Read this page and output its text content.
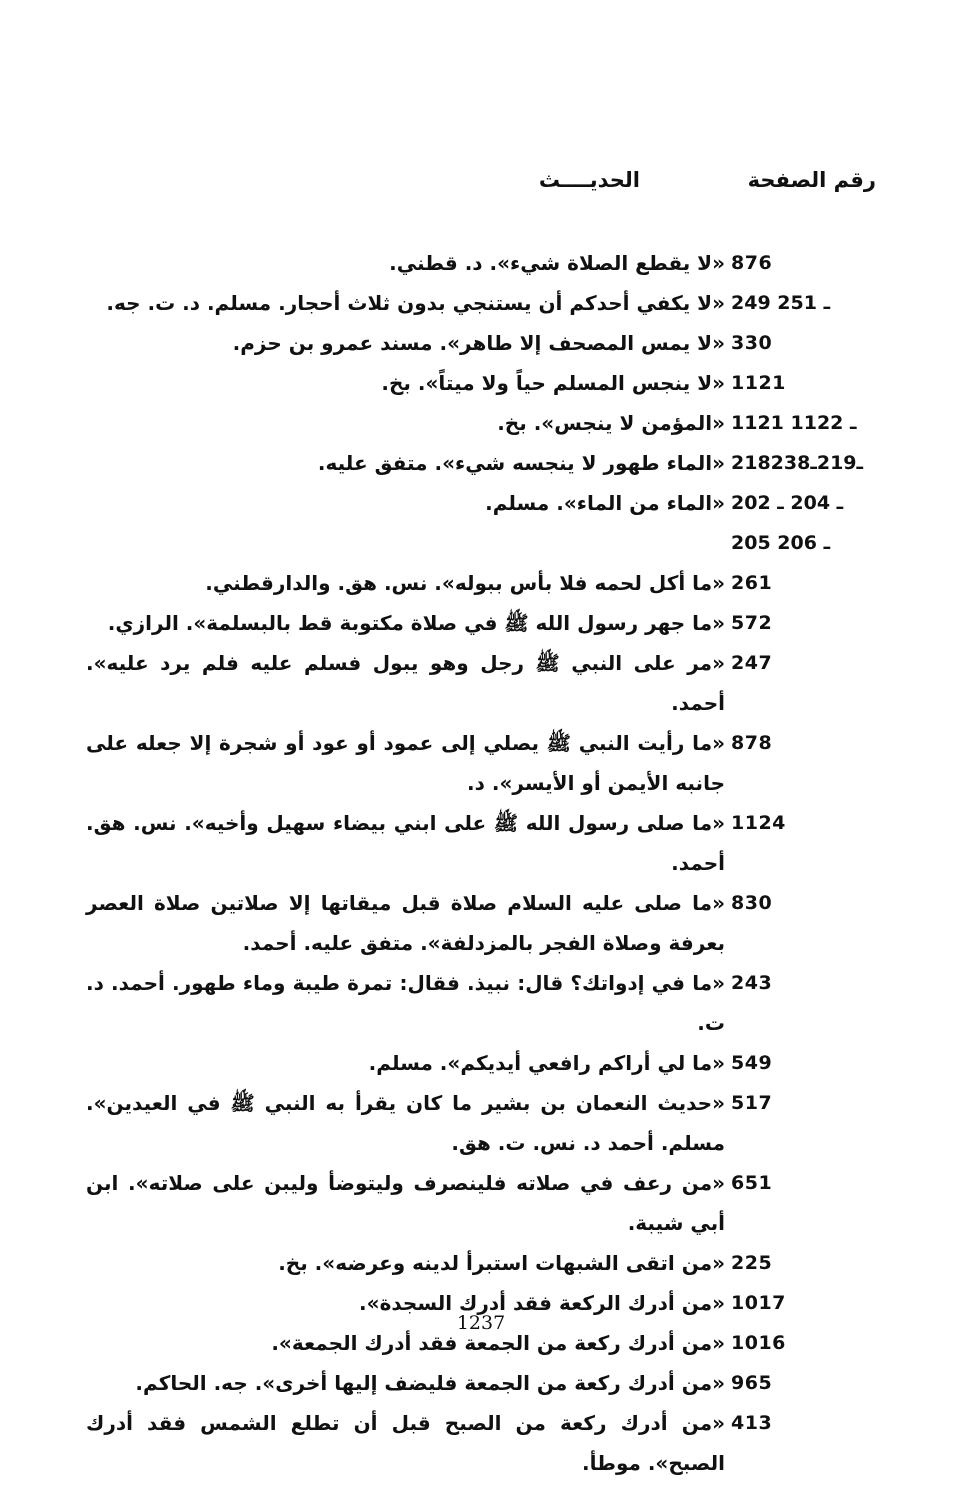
رقم الصفحة
الحديــــث
876
«لا يقطع الصلاة شيء». د. قطني.
249 ـ 251
«لا يكفي أحدكم أن يستنجي بدون ثلاث أحجار. مسلم. د. ت. جه.
330
«لا يمس المصحف إلا طاهر». مسند عمرو بن حزم.
1121
«لا ينجس المسلم حياً ولا ميتاً». بخ.
1121 ـ 1122
«المؤمن لا ينجس». بخ.
218ـ219ـ238
«الماء طهور لا ينجسه شيء». متفق عليه.
202 ـ 204 ـ
«الماء من الماء». مسلم.
205 ـ 206
261
«ما أكل لحمه فلا بأس ببوله». نس. هق. والدارقطني.
572
«ما جهر رسول الله ﷺ في صلاة مكتوبة قط بالبسلمة». الرازي.
247
«مر على النبي ﷺ رجل وهو يبول فسلم عليه فلم يرد عليه». أحمد.
878
«ما رأيت النبي ﷺ يصلي إلى عمود أو عود أو شجرة إلا جعله على جانبه الأيمن أو الأيسر». د.
1124
«ما صلى رسول الله ﷺ على ابني بيضاء سهيل وأخيه». نس. هق. أحمد.
830
«ما صلى عليه السلام صلاة قبل ميقاتها إلا صلاتين صلاة العصر بعرفة وصلاة الفجر بالمزدلفة». متفق عليه. أحمد.
243
«ما في إدواتك؟ قال: نبيذ. فقال: تمرة طيبة وماء طهور. أحمد. د. ت.
549
«ما لي أراكم رافعي أيديكم». مسلم.
517
«حديث النعمان بن بشير ما كان يقرأ به النبي ﷺ في العيدين». مسلم. أحمد د. نس. ت. هق.
651
«من رعف في صلاته فلينصرف وليتوضأ وليبن على صلاته». ابن أبي شيبة.
225
«من اتقى الشبهات استبرأ لدينه وعرضه». بخ.
1017
«من أدرك الركعة فقد أدرك السجدة».
1016
«من أدرك ركعة من الجمعة فقد أدرك الجمعة».
965
«من أدرك ركعة من الجمعة فليضف إليها أخرى». جه. الحاكم.
413
«من أدرك ركعة من الصبح قبل أن تطلع الشمس فقد أدرك الصبح». موطأ.
1237
